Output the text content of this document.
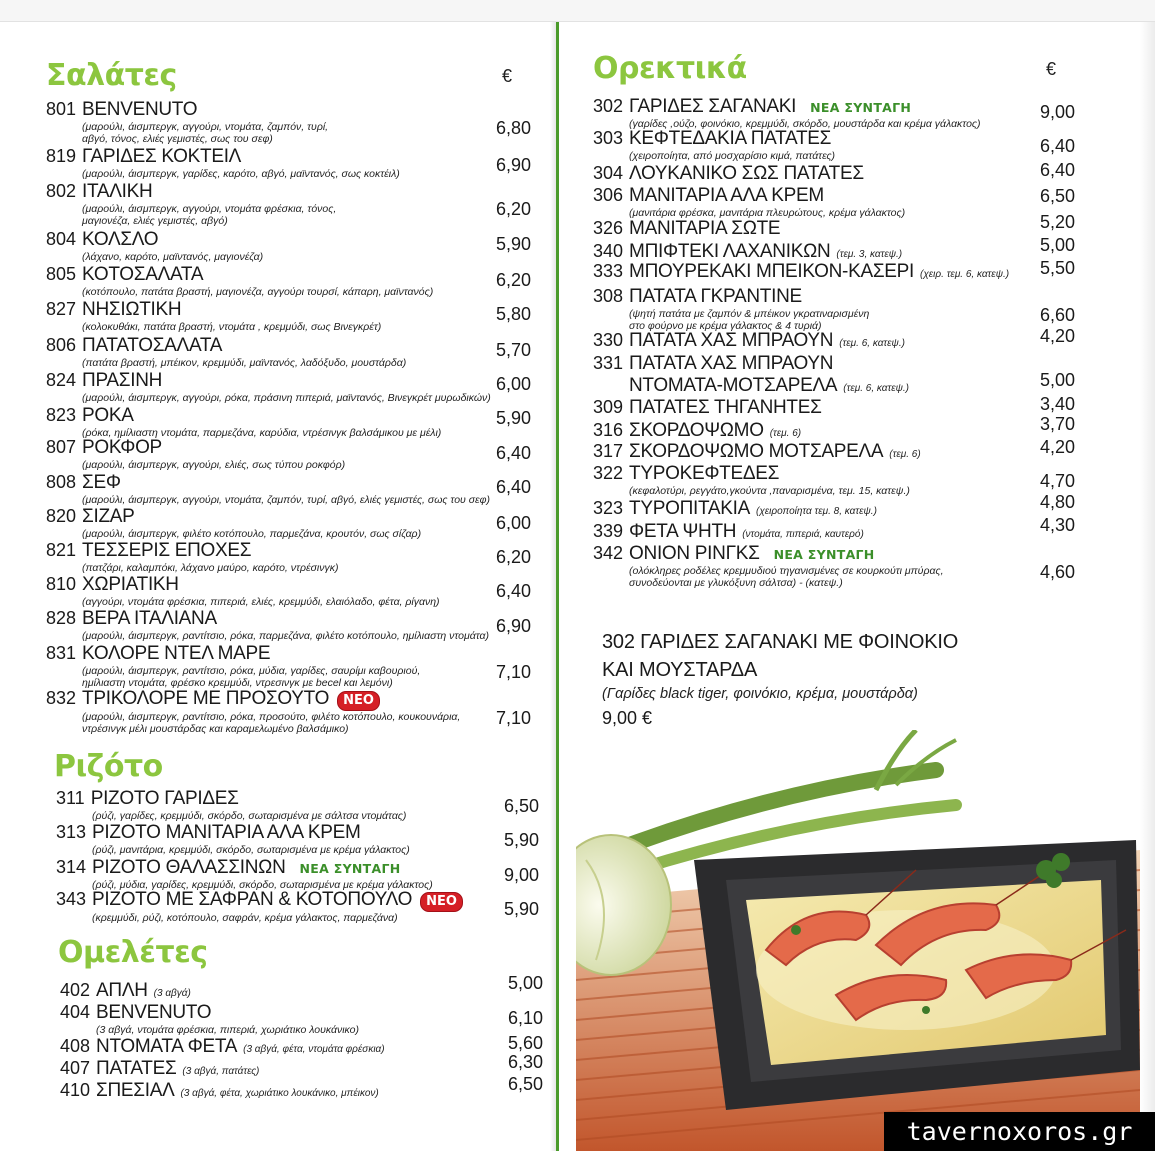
Σαλάτες	€
801 BENVENUTO
(μαρούλι, άισμπεργκ, αγγούρι, ντομάτα, ζαμπόν, τυρί,
αβγό, τόνος, ελιές γεμιστές, σως του σεφ)
6,80
819 ΓΑΡΙΔΕΣ ΚΟΚΤΕΙΛ
(μαρούλι, άισμπεργκ, γαρίδες, καρότο, αβγό, μαϊντανός, σως κοκτέιλ)	6,90
802 ΙΤΑΛΙΚΗ
(μαρούλι, άισμπεργκ, αγγούρι, ντομάτα φρέσκια, τόνος,
μαγιονέζα, ελιές γεμιστές, αβγό)
6,20
804 ΚΟΛΣΛΟ
(λάχανο, καρότο, μαϊντανός, μαγιονέζα)
5,90
805 ΚΟΤΟΣΑΛΑΤΑ
(κοτόπουλο, πατάτα βραστή, μαγιονέζα, αγγούρι τουρσί, κάπαρη, μαϊντανός)
6,20
827 ΝΗΣΙΩΤΙΚΗ
(κολοκυθάκι, πατάτα βραστή, ντομάτα , κρεμμύδι, σως Βινεγκρέτ)
5,80
806 ΠΑΤΑΤΟΣΑΛΑΤΑ
(πατάτα βραστή, μπέικον, κρεμμύδι, μαϊντανός, λαδόξυδο, μουστάρδα)
5,70
824 ΠΡΑΣΙΝΗ
(μαρούλι, άισμπεργκ, αγγούρι, ρόκα, πράσινη πιπεριά, μαϊντανός, Βινεγκρέτ μυρωδικών)
6,00
823 ΡΟΚΑ
(ρόκα, ημίλιαστη ντομάτα, παρμεζάνα, καρύδια, ντρέσινγκ βαλσάμικου με μέλι)
5,90
807 ΡΟΚΦΟΡ
(μαρούλι, άισμπεργκ, αγγούρι, ελιές, σως τύπου ροκφόρ)
6,40
808 ΣΕΦ
(μαρούλι, άισμπεργκ, αγγούρι, ντομάτα, ζαμπόν, τυρί, αβγό, ελιές γεμιστές, σως του σεφ)
6,40
820 ΣΙΖΑΡ
(μαρούλι, άισμπεργκ, φιλέτο κοτόπουλο, παρμεζάνα, κρουτόν, σως σίζαρ)
6,00
821 ΤΕΣΣΕΡΙΣ ΕΠΟΧΕΣ
(πατζάρι, καλαμπόκι, λάχανο μαύρο, καρότο, ντρέσινγκ)
6,20
810 ΧΩΡΙΑΤΙΚΗ
(αγγούρι, ντομάτα φρέσκια, πιπεριά, ελιές, κρεμμύδι, ελαιόλαδο, φέτα, ρίγανη)
6,40
828 ΒΕΡΑ ΙΤΑΛΙΑΝΑ
(μαρούλι, άισμπεργκ, ραντίτσιο, ρόκα, παρμεζάνα, φιλέτο κοτόπουλο, ημίλιαστη ντομάτα) 6,90
831 ΚΟΛΟΡΕ ΝΤΕΛ ΜΑΡΕ
(μαρούλι, άισμπεργκ, ραντίτσιο, ρόκα, μύδια, γαρίδες, σαυρίμι καβουριού,
ημίλιαστη ντομάτα, φρέσκο κρεμμύδι, ντρεσινγκ με becel και λεμόνι)
7,10
832 ΤΡΙΚΟΛΟΡΕ ΜΕ ΠΡΟΣΟΥΤΟ	ΝΕΟ
(μαρούλι, άισμπεργκ, ραντίτσιο, ρόκα, προσούτο, φιλέτο κοτόπουλο, κουκουνάρια,
ντρέσινγκ μέλι μουστάρδας και καραμελωμένο βαλσάμικο)
7,10
Ριζότο
311 ΡΙΖΟΤΟ ΓΑΡΙΔΕΣ
(ρύζι, γαρίδες, κρεμμύδι, σκόρδο, σωταρισμένα με σάλτσα ντομάτας)	6,50
313 ΡΙΖΟΤΟ ΜΑΝΙΤΑΡΙΑ ΑΛΑ ΚΡΕΜ
(ρύζι, μανιτάρια, κρεμμύδι, σκόρδο, σωταρισμένα με κρέμα γάλακτος)	5,90
314 ΡΙΖΟΤΟ ΘΑΛΑΣΣΙΝΩΝ ΝΕΑ ΣΥΝΤΑΓΗ
(ρύζι, μύδια, γαρίδες, κρεμμύδι, σκόρδο, σωταρισμένα με κρέμα γάλακτος)	9,00
343 ΡΙΖΟΤΟ ΜΕ ΣΑΦΡΑΝ & ΚΟΤΟΠΟΥΛΟ	ΝΕΟ
(κρεμμύδι, ρύζι, κοτόπουλο, σαφράν, κρέμα γάλακτος, παρμεζάνα)	5,90
Ομελέτες
402 ΑΠΛΗ (3 αβγά)
5,00
404 BENVENUTO
(3 αβγά, ντομάτα φρέσκια, πιπεριά, χωριάτικο λουκάνικο)
6,10
408 ΝΤΟΜΑΤΑ ΦΕΤΑ (3 αβγά, φέτα, ντομάτα φρέσκια)	5,60
407 ΠΑΤΑΤΕΣ (3 αβγά, πατάτες)	6,30
410 ΣΠΕΣΙΑΛ (3 αβγά, φέτα, χωριάτικο λουκάνικο, μπέικον)	6,50
Ορεκτικά	€
302 ΓΑΡΙΔΕΣ ΣΑΓΑΝΑΚΙ ΝΕΑ ΣΥΝΤΑΓΗ
(γαρίδες ,ούζο, φοινόκιο, κρεμμύδι, σκόρδο, μουστάρδα και κρέμα γάλακτος)
9,00
303 ΚΕΦΤΕΔΑΚΙΑ ΠΑΤΑΤΕΣ
(χειροποίητα, από μοσχαρίσιο κιμά, πατάτες)	6,40
304 ΛΟΥΚΑΝΙΚΟ ΣΩΣ ΠΑΤΑΤΕΣ	6,40
306 ΜΑΝΙΤΑΡΙΑ ΑΛΑ ΚΡΕΜ
(μανιτάρια φρέσκα, μανιτάρια πλευρώτους, κρέμα γάλακτος)
6,50
326 ΜΑΝΙΤΑΡΙΑ ΣΩΤΕ	5,20
340 ΜΠΙΦΤΕΚΙ ΛΑΧΑΝΙΚΩΝ (τεμ. 3, κατεψ.)	5,00
333 ΜΠΟΥΡΕΚΑΚΙ ΜΠΕΙΚΟΝ-ΚΑΣΕΡΙ (χειρ. τεμ. 6, κατεψ.) 5,50
308 ΠΑΤΑΤΑ ΓΚΡΑΝΤΙΝΕ
(ψητή πατάτα με ζαμπόν & μπέικον γκρατιναρισμένη
στο φούρνο με κρέμα γάλακτος & 4 τυριά)
6,60
330 ΠΑΤΑΤΑ ΧΑΣ ΜΠΡΑΟΥΝ (τεμ. 6, κατεψ.)	4,20
331 ΠΑΤΑΤΑ ΧΑΣ ΜΠΡΑΟΥΝ
ΝΤΟΜΑΤΑ-ΜΟΤΣΑΡΕΛΑ (τεμ. 6, κατεψ.)	5,00
309 ΠΑΤΑΤΕΣ ΤΗΓΑΝΗΤΕΣ	3,40
316 ΣΚΟΡΔΟΨΩΜΟ (τεμ. 6)	3,70
317 ΣΚΟΡΔΟΨΩΜΟ ΜΟΤΣΑΡΕΛΑ (τεμ. 6)	4,20
322 ΤΥΡΟΚΕΦΤΕΔΕΣ
(κεφαλοτύρι, ρεγγάτο,γκούντα ,παναρισμένα, τεμ. 15, κατεψ.)	4,70
323 ΤΥΡΟΠΙΤΑΚΙΑ (χειροποίητα τεμ. 8, κατεψ.)	4,80
339 ΦΕΤΑ ΨΗΤΗ (ντομάτα, πιπεριά, καυτερό)	4,30
342 ΟΝΙΟΝ ΡΙΝΓΚΣ ΝΕΑ ΣΥΝΤΑΓΗ
(ολόκληρες ροδέλες κρεμμυδιού τηγανισμένες σε κουρκούτι μπύρας,
συνοδεύονται με γλυκόξυνη σάλτσα) - (κατεψ.)
4,60
302 ΓΑΡΙΔΕΣ ΣΑΓΑΝΑΚΙ ΜΕ ΦΟΙΝΟΚΙΟ
ΚΑΙ ΜΟΥΣΤΑΡΔΑ
(Γαρίδες black tiger, φοινόκιο, κρέμα, μουστάρδα)
9,00 €
tavernoxoros.gr
